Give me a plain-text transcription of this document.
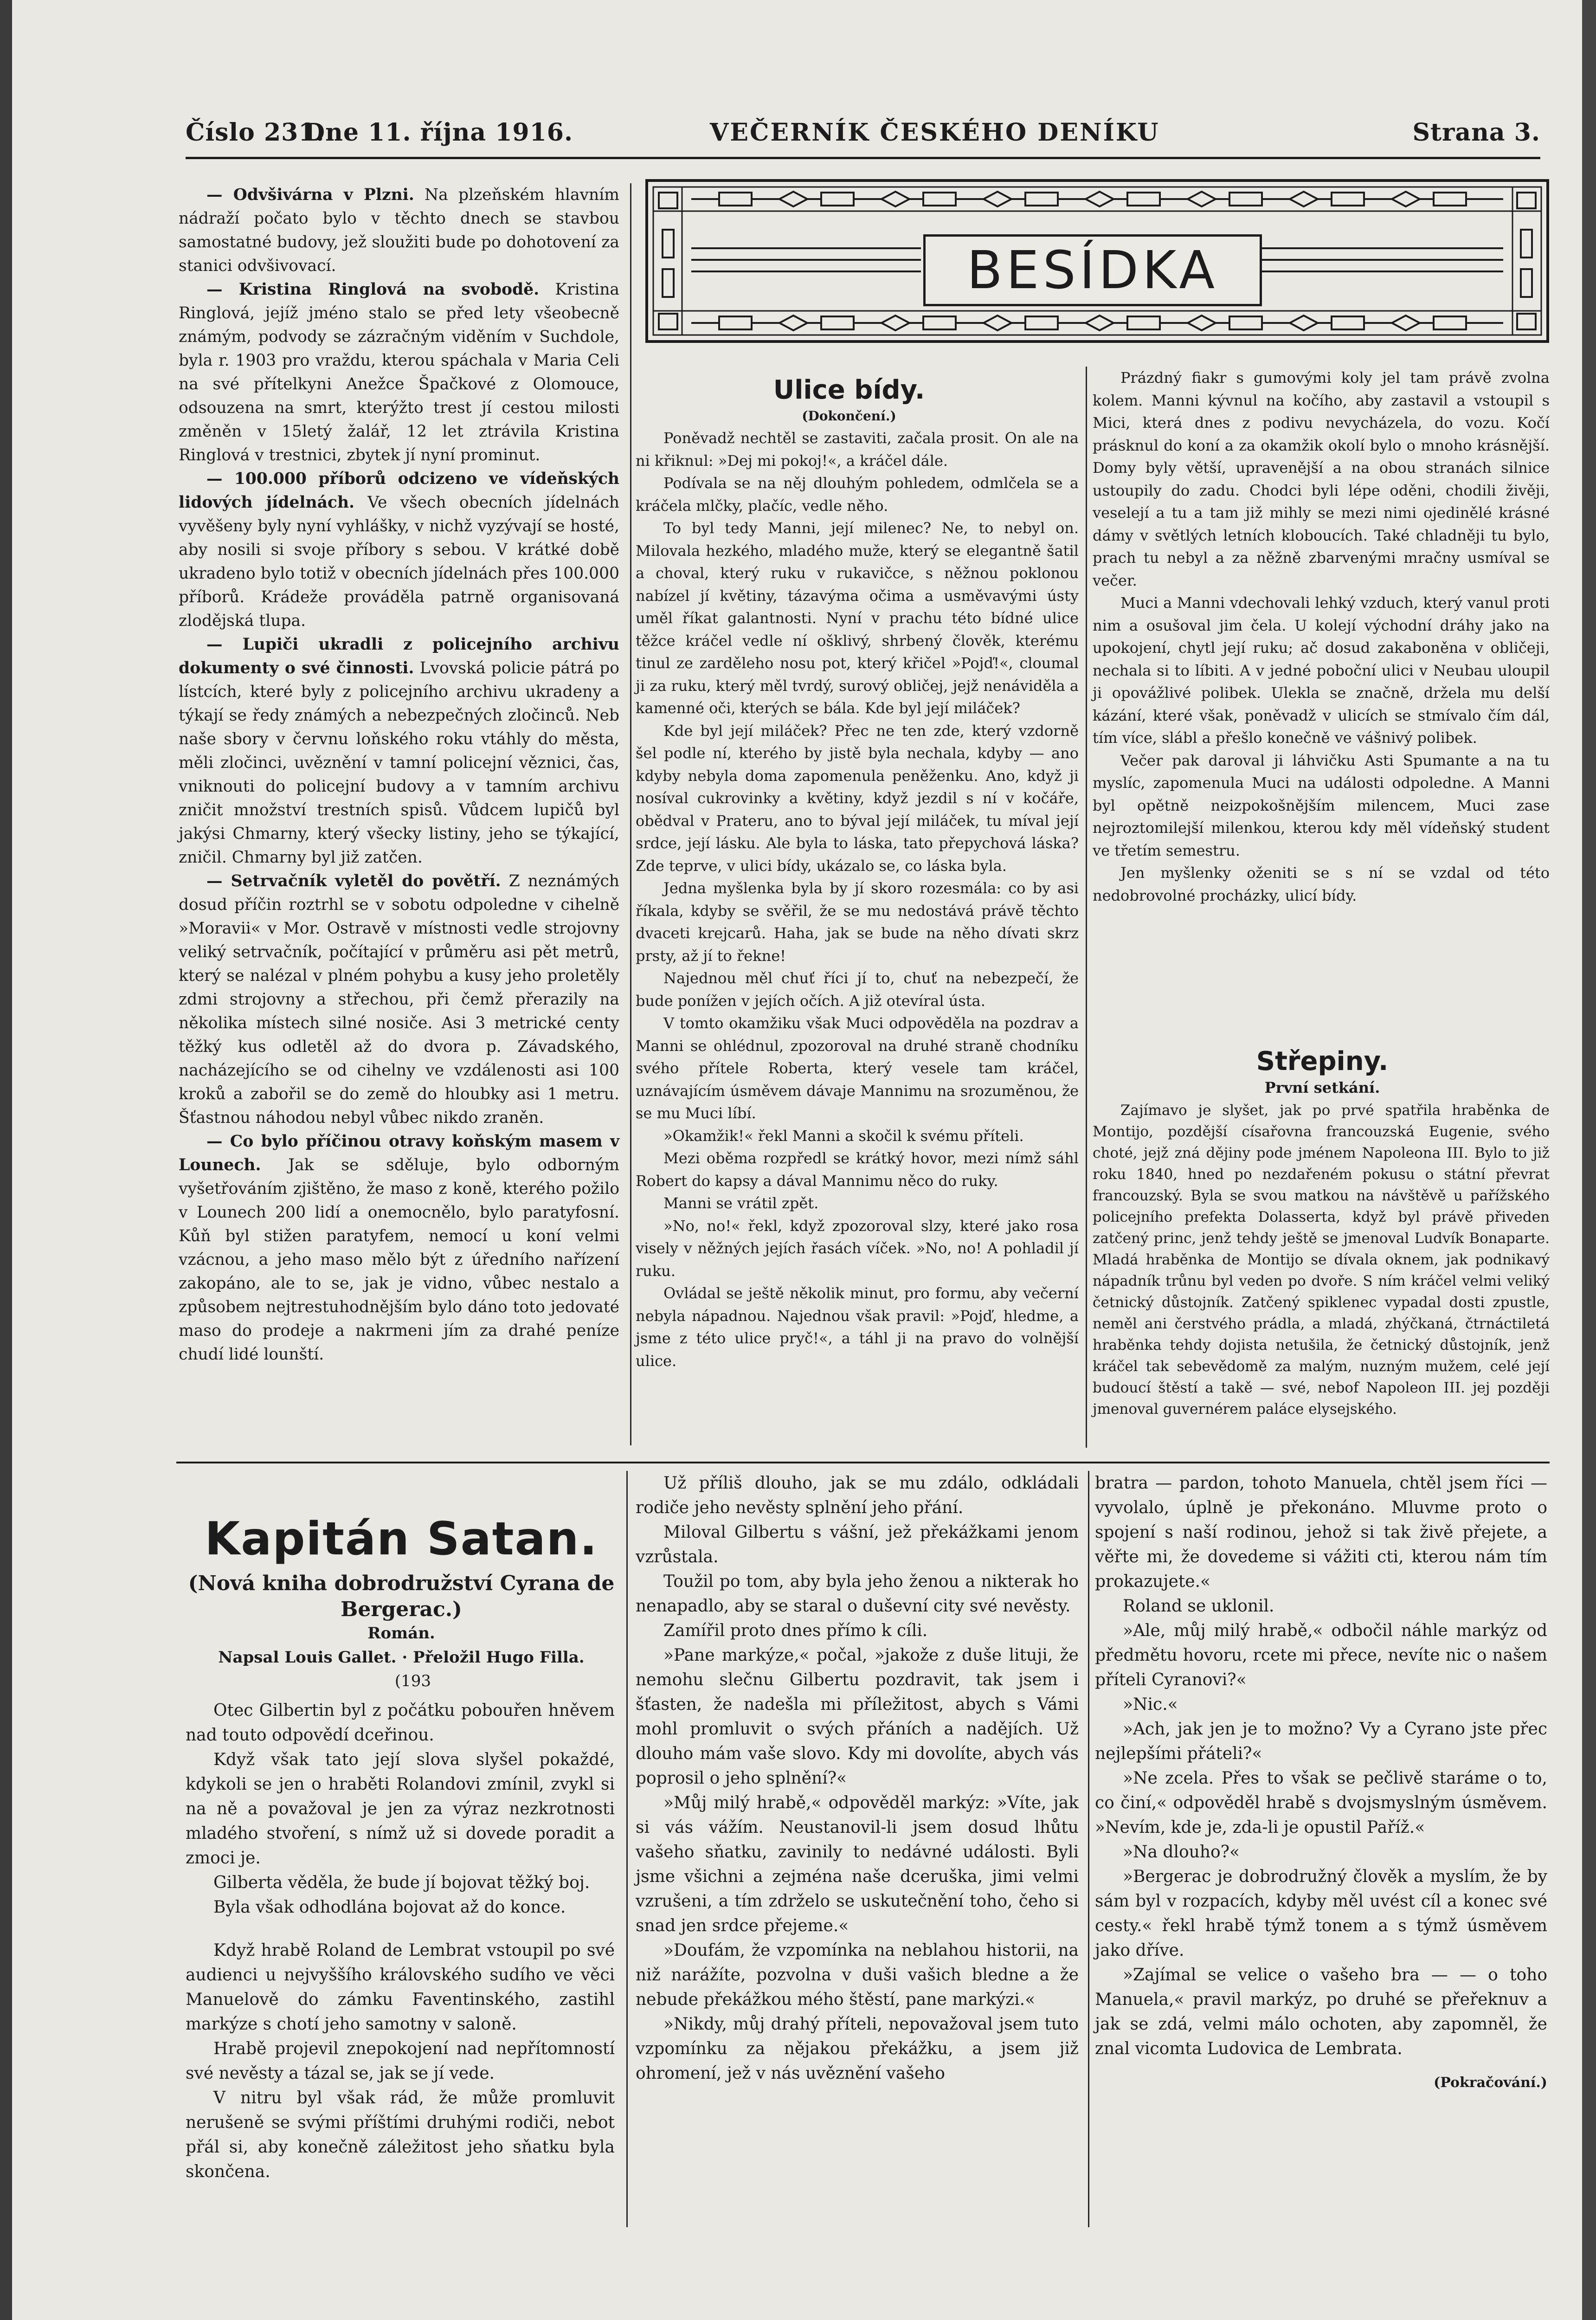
Číslo 231.
Dne 11. října 1916.	VEČERNÍK ČESKÉHO DENÍKU	Strana 3.

— Odvšivárna v Plzni. Na plzeňském hlavním nádraží počato bylo v těchto dnech se stavbou samostatné budovy, jež sloužiti bude po dohotovení za stanici odvšivovací.

— Kristina Ringlová na svobodě. Kristina Ringlová, jejíž jméno stalo se před lety všeobecně známým, podvody se zázračným viděním v Suchdole, byla r. 1903 pro vraždu, kterou spáchala v Maria Celi na své přítelkyni Anežce Špačkové z Olomouce, odsouzena na smrt, kterýžto trest jí cestou milosti změněn v 15letý žalář, 12 let ztrávila Kristina Ringlová v trestnici, zbytek jí nyní prominut.

— 100.000 příborů odcizeno ve vídeňských lidových jídelnách. Ve všech obecních jídelnách vyvěšeny byly nyní vyhlášky, v nichž vyzývají se hosté, aby nosili si svoje příbory s sebou. V krátké době ukradeno bylo totiž v obecních jídelnách přes 100.000 příborů. Krádeže prováděla patrně organisovaná zlodějská tlupa.

— Lupiči ukradli z policejního archivu dokumenty o své činnosti. Lvovská policie pátrá po lístcích, které byly z policejního archivu ukradeny a týkají se ředy známých a nebezpečných zločinců. Neb naše sbory v červnu loňského roku vtáhly do města, měli zločinci, uvěznění v tamní policejní věznici, čas, vniknouti do policejní budovy a v tamním archivu zničit množství trestních spisů. Vůdcem lupičů byl jakýsi Chmarny, který všecky listiny, jeho se týkající, zničil. Chmarny byl již zatčen.

— Setrvačník vyletěl do povětří. Z neznámých dosud příčin roztrhl se v sobotu odpoledne v cihelně »Moravii« v Mor. Ostravě v místnosti vedle strojovny veliký setrvačník, počítající v průměru asi pět metrů, který se nalézal v plném pohybu a kusy jeho proletěly zdmi strojovny a střechou, při čemž přerazily na několika místech silné nosiče. Asi 3 metrické centy těžký kus odletěl až do dvora p. Závadského, nacházejícího se od cihelny ve vzdálenosti asi 100 kroků a zabořil se do země do hloubky asi 1 metru. Šťastnou náhodou nebyl vůbec nikdo zraněn.

— Co bylo příčinou otravy koňským masem v Lounech. Jak se sděluje, bylo odborným vyšetřováním zjištěno, že maso z koně, kterého požilo v Lounech 200 lidí a onemocnělo, bylo paratyfosní. Kůň byl stižen paratyfem, nemocí u koní velmi vzácnou, a jeho maso mělo být z úředního nařízení zakopáno, ale to se, jak je vidno, vůbec nestalo a způsobem nejtrestuhodnějším bylo dáno toto jedovaté maso do prodeje a nakrmeni jím za drahé peníze chudí lidé lounští.

BESÍDKA
Ulice bídy.
(Dokončení.)

Poněvadž nechtěl se zastaviti, začala prosit. On ale na ni křiknul: »Dej mi pokoj!«, a kráčel dále.

Podívala se na něj dlouhým pohledem, odmlčela se a kráčela mlčky, plačíc, vedle něho.

To byl tedy Manni, její milenec? Ne, to nebyl on. Milovala hezkého, mladého muže, který se elegantně šatil a choval, který ruku v rukavičce, s něžnou poklonou nabízel jí květiny, tázavýma očima a usměvavými ústy uměl říkat galantnosti. Nyní v prachu této bídné ulice těžce kráčel vedle ní ošklivý, shrbený člověk, kterému tinul ze zarděleho nosu pot, který křičel »Pojď!«, cloumal ji za ruku, který měl tvrdý, surový obličej, jejž nenáviděla a kamenné oči, kterých se bála. Kde byl její miláček?

Kde byl její miláček? Přec ne ten zde, který vzdorně šel podle ní, kterého by jistě byla nechala, kdyby — ano kdyby nebyla doma zapomenula peněženku. Ano, když ji nosíval cukrovinky a květiny, když jezdil s ní v kočáře, obědval v Prateru, ano to býval její miláček, tu míval její srdce, její lásku. Ale byla to láska, tato přepychová láska? Zde teprve, v ulici bídy, ukázalo se, co láska byla.

Jedna myšlenka byla by jí skoro rozesmála: co by asi říkala, kdyby se svěřil, že se mu nedostává právě těchto dvaceti krejcarů. Haha, jak se bude na něho dívati skrz prsty, až jí to řekne!

Najednou měl chuť říci jí to, chuť na nebezpečí, že bude ponížen v jejích očích. A již otevíral ústa.

V tomto okamžiku však Muci odpověděla na pozdrav a Manni se ohlédnul, zpozoroval na druhé straně chodníku svého přítele Roberta, který vesele tam kráčel, uznávajícím úsměvem dávaje Mannimu na srozuměnou, že se mu Muci líbí.

»Okamžik!« řekl Manni a skočil k svému příteli.

Mezi oběma rozpředl se krátký hovor, mezi nímž sáhl Robert do kapsy a dával Mannimu něco do ruky.

Manni se vrátil zpět.

»No, no!« řekl, když zpozoroval slzy, které jako rosa visely v něžných jejích řasách víček. »No, no! A pohladil jí ruku.

Ovládal se ještě několik minut, pro formu, aby večerní nebyla nápadnou. Najednou však pravil: »Pojď, hledme, a jsme z této ulice pryč!«, a táhl ji na pravo do volnější ulice.

Prázdný fiakr s gumovými koly jel tam právě zvolna kolem. Manni kývnul na kočího, aby zastavil a vstoupil s Mici, která dnes z podivu nevycházela, do vozu. Kočí prásknul do koní a za okamžik okolí bylo o mnoho krásnější. Domy byly větší, upravenější a na obou stranách silnice ustoupily do zadu. Chodci byli lépe oděni, chodili živěji, veselejí a tu a tam již mihly se mezi nimi ojedinělé krásné dámy v světlých letních kloboucích. Také chladněji tu bylo, prach tu nebyl a za něžně zbarvenými mračny usmíval se večer.

Muci a Manni vdechovali lehký vzduch, který vanul proti nim a osušoval jim čela. U kolejí východní dráhy jako na upokojení, chytl její ruku; ač dosud zakaboněna v obličeji, nechala si to líbiti. A v jedné poboční ulici v Neubau uloupil ji opovážlivé polibek. Ulekla se značně, držela mu delší kázání, které však, poněvadž v ulicích se stmívalo čím dál, tím více, slábl a přešlo konečně ve vášnivý polibek.

Večer pak daroval ji láhvičku Asti Spumante a na tu myslíc, zapomenula Muci na události odpoledne. A Manni byl opětně neizpokošnějším milencem, Muci zase nejroztomilejší milenkou, kterou kdy měl vídeňský student ve třetím semestru.

Jen myšlenky oženiti se s ní se vzdal od této nedobrovolné procházky, ulicí bídy.

Střepiny.
První setkání.

Zajímavo je slyšet, jak po prvé spatřila hraběnka de Montijo, pozdější císařovna francouzská Eugenie, svého choté, jejž zná dějiny pode jménem Napoleona III. Bylo to již roku 1840, hned po nezdařeném pokusu o státní převrat francouzský. Byla se svou matkou na návštěvě u pařížského policejního prefekta Dolasserta, když byl právě přiveden zatčený princ, jenž tehdy ještě se jmenoval Ludvík Bonaparte. Mladá hraběnka de Montijo se dívala oknem, jak podnikavý nápadník trůnu byl veden po dvoře. S ním kráčel velmi veliký četnický důstojník. Zatčený spiklenec vypadal dosti zpustle, neměl ani čerstvého prádla, a mladá, zhýčkaná, čtrnáctiletá hraběnka tehdy dojista netušila, že četnický důstojník, jenž kráčel tak sebevědomě za malým, nuzným mužem, celé její budoucí štěstí a takě — své, nebof Napoleon III. jej později jmenoval guvernérem paláce elysejského.

Kapitán Satan.
(Nová kniha dobrodružství Cyrana de Bergerac.)
Román.
Napsal Louis Gallet. · Přeložil Hugo Fillа.
(193

Otec Gilbertin byl z počátku pobouřen hněvem nad touto odpovědí dceřinou.

Když však tato její slova slyšel pokaždé, kdykoli se jen o hraběti Rolandovi zmínil, zvykl si na ně a považoval je jen za výraz nezkrotnosti mladého stvoření, s nímž už si dovede poradit a zmoci je.

Gilberta věděla, že bude jí bojovat těžký boj.

Byla však odhodlána bojovat až do konce.

Když hrabě Roland de Lembrat vstoupil po své audienci u nejvyššího královského sudího ve věci Manuelově do zámku Faventinského, zastihl markýze s chotí jeho samotny v saloně.

Hrabě projevil znepokojení nad nepřítomností své nevěsty a tázal se, jak se jí vede.

V nitru byl však rád, že může promluvit nerušeně se svými příštími druhými rodiči, nebot přál si, aby konečně záležitost jeho sňatku byla skončena.

Už příliš dlouho, jak se mu zdálo, odkládali rodiče jeho nevěsty splnění jeho přání.

Miloval Gilbertu s vášní, jež překážkami jenom vzrůstala.

Toužil po tom, aby byla jeho ženou a nikterak ho nenapadlo, aby se staral o duševní city své nevěsty.

Zamířil proto dnes přímo k cíli.

»Pane markýze,« počal, »jakože z duše lituji, že nemohu slečnu Gilbertu pozdravit, tak jsem i šťasten, že nadešla mi příležitost, abych s Vámi mohl promluvit o svých přáních a nadějích. Už dlouho mám vaše slovo. Kdy mi dovolíte, abych vás poprosil o jeho splnění?«

»Můj milý hrabě,« odpověděl markýz: »Víte, jak si vás vážím. Neustanovil-li jsem dosud lhůtu vašeho sňatku, zavinily to nedávné události. Byli jsme všichni a zejména naše dceruška, jimi velmi vzrušeni, a tím zdrželo se uskutečnění toho, čeho si snad jen srdce přejeme.«

»Doufám, že vzpomínka na neblahou historii, na niž narážíte, pozvolna v duši vašich bledne a že nebude překážkou mého štěstí, pane markýzi.«

»Nikdy, můj drahý příteli, nepovažoval jsem tuto vzpomínku za nějakou překážku, a jsem již ohromení, jež v nás uvěznění vašeho

bratra — pardon, tohoto Manuela, chtěl jsem říci — vyvolalo, úplně je překonáno. Mluvme proto o spojení s naší rodinou, jehož si tak živě přejete, a věřte mi, že dovedeme si vážiti cti, kterou nám tím prokazujete.«

Roland se uklonil.

»Ale, můj milý hrabě,« odbočil náhle markýz od předmětu hovoru, rcete mi přece, nevíte nic o našem příteli Cyranovi?«

»Nic.«

»Ach, jak jen je to možno? Vy a Cyrano jste přec nejlepšími přáteli?«

»Ne zcela. Přes to však se pečlivě staráme o to, co činí,« odpověděl hrabě s dvojsmyslným úsměvem. »Nevím, kde je, zda-li je opustil Paříž.«

»Na dlouho?«

»Bergerac je dobrodružný člověk a myslím, že by sám byl v rozpacích, kdyby měl uvést cíl a konec své cesty.« řekl hrabě týmž tonem a s týmž úsměvem jako dříve.

»Zajímal se velice o vašeho bra — — o toho Manuela,« pravil markýz, po druhé se přeřeknuv a jak se zdá, velmi málo ochoten, aby zapomněl, že znal vicomta Ludovica de Lembrata.

(Pokračování.)
